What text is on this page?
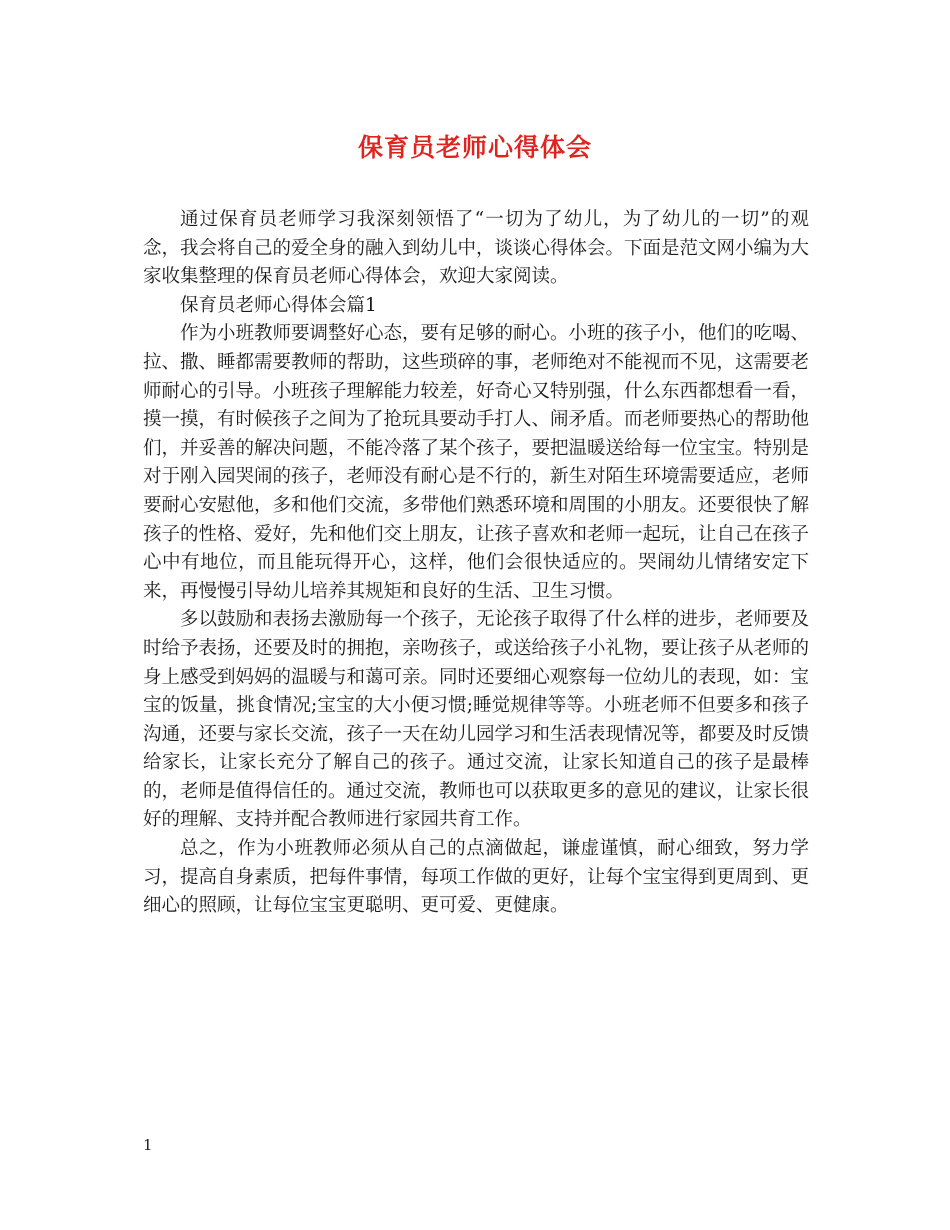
保育员老师心得体会

通过保育员老师学习我深刻领悟了“一切为了幼儿，为了幼儿的一切”的观念，我会将自己的爱全身的融入到幼儿中，谈谈心得体会。下面是范文网小编为大家收集整理的保育员老师心得体会，欢迎大家阅读。

保育员老师心得体会篇1

作为小班教师要调整好心态，要有足够的耐心。小班的孩子小，他们的吃喝、拉、撒、睡都需要教师的帮助，这些琐碎的事，老师绝对不能视而不见，这需要老师耐心的引导。小班孩子理解能力较差，好奇心又特别强，什么东西都想看一看，摸一摸，有时候孩子之间为了抢玩具要动手打人、闹矛盾。而老师要热心的帮助他们，并妥善的解决问题，不能冷落了某个孩子，要把温暖送给每一位宝宝。特别是对于刚入园哭闹的孩子，老师没有耐心是不行的，新生对陌生环境需要适应，老师要耐心安慰他，多和他们交流，多带他们熟悉环境和周围的小朋友。还要很快了解孩子的性格、爱好，先和他们交上朋友，让孩子喜欢和老师一起玩，让自己在孩子心中有地位，而且能玩得开心，这样，他们会很快适应的。哭闹幼儿情绪安定下来，再慢慢引导幼儿培养其规矩和良好的生活、卫生习惯。

多以鼓励和表扬去激励每一个孩子，无论孩子取得了什么样的进步，老师要及时给予表扬，还要及时的拥抱，亲吻孩子，或送给孩子小礼物，要让孩子从老师的身上感受到妈妈的温暖与和蔼可亲。同时还要细心观察每一位幼儿的表现，如：宝宝的饭量，挑食情况;宝宝的大小便习惯;睡觉规律等等。小班老师不但要多和孩子沟通，还要与家长交流，孩子一天在幼儿园学习和生活表现情况等，都要及时反馈给家长，让家长充分了解自己的孩子。通过交流，让家长知道自己的孩子是最棒的，老师是值得信任的。通过交流，教师也可以获取更多的意见的建议，让家长很好的理解、支持并配合教师进行家园共育工作。

总之，作为小班教师必须从自己的点滴做起，谦虚谨慎，耐心细致，努力学习，提高自身素质，把每件事情，每项工作做的更好，让每个宝宝得到更周到、更细心的照顾，让每位宝宝更聪明、更可爱、更健康。

1
